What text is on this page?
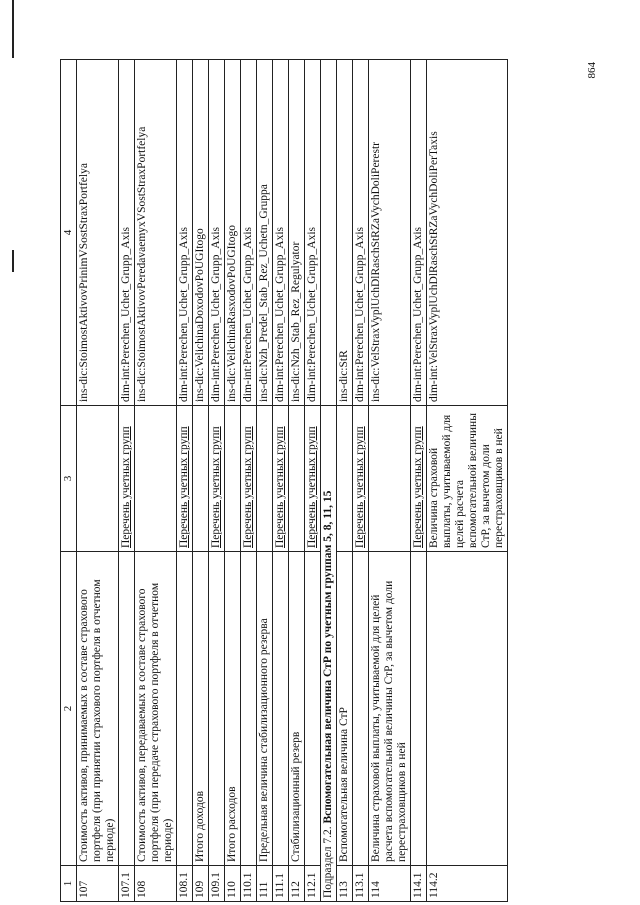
864
1	2	3	4
107	Стоимость активов, принимаемых в составе страхового портфеля (при принятии страхового портфеля в отчетном периоде)		ins-dic:StoimostAktivovPrinimVSostStraxPortfelya
107.1		Перечень учетных групп	dim-int:Perechen_Uchet_Grupp_Axis
108	Стоимость активов, передаваемых в составе страхового портфеля (при передаче страхового портфеля в отчетном периоде)		ins-dic:StoimostAktivovPeredavaemyxVSostStraxPortfelya
108.1		Перечень учетных групп	dim-int:Perechen_Uchet_Grupp_Axis
109	Итого доходов		ins-dic:VelichinaDoxodovPoUGItogo
109.1		Перечень учетных групп	dim-int:Perechen_Uchet_Grupp_Axis
110	Итого расходов		ins-dic:VelichinaRasxodovPoUGItogo
110.1		Перечень учетных групп	dim-int:Perechen_Uchet_Grupp_Axis
111	Предельная величина стабилизационного резерва		ins-dic:Nzh_Predel_Stab_Rez_Uchetn_Gruppa
111.1		Перечень учетных групп	dim-int:Perechen_Uchet_Grupp_Axis
112	Стабилизационный резерв		ins-dic:Nzh_Stab_Rez_Regulyator
112.1		Перечень учетных групп	dim-int:Perechen_Uchet_Grupp_Axis
Подраздел 7.2. Вспомогательная величина СтР по учетным группам 5, 8, 11, 15			
113	Вспомогательная величина СтР		ins-dic:StR
113.1		Перечень учетных групп	dim-int:Perechen_Uchet_Grupp_Axis
114	Величина страховой выплаты, учитываемой для целей расчета вспомогательной величины СтР, за вычетом доли перестраховщиков в ней		ins-dic:VelStraxVyplUchDlRaschStRZaVychDoliPerestr
114.1		Перечень учетных групп	dim-int:Perechen_Uchet_Grupp_Axis
114.2		Величина страховой выплаты, учитываемой для целей расчета вспомогательной величины СтР, за вычетом доли перестраховщиков в ней	dim-int:VelStraxVyplUchDlRaschStRZaVychDoliPerTaxis
